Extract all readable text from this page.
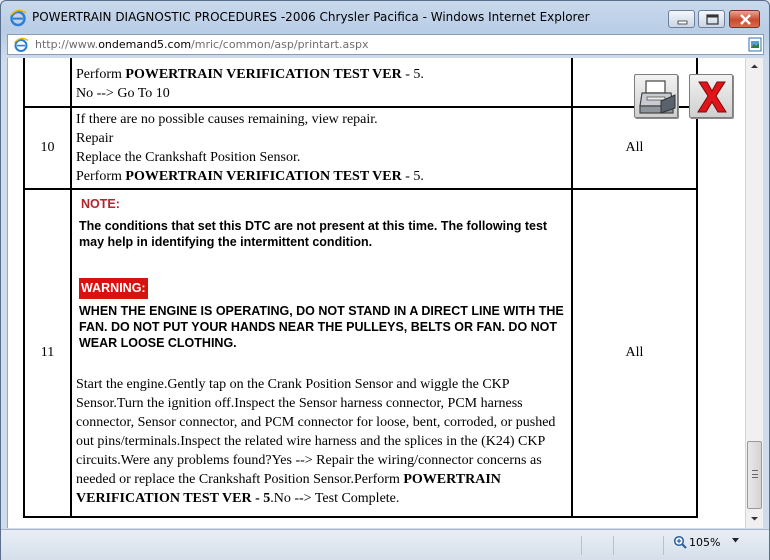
POWERTRAIN DIAGNOSTIC PROCEDURES -2006 Chrysler Pacifica - Windows Internet Explorer
http://www.ondemand5.com/mric/common/asp/printart.aspx

	Perform POWERTRAIN VERIFICATION TEST VER - 5.
No --> Go To 10	

10	If there are no possible causes remaining, view repair.
Repair
Replace the Crankshaft Position Sensor.
Perform POWERTRAIN VERIFICATION TEST VER - 5.	All
11	NOTE:
The conditions that set this DTC are not present at this time. The following test may help in identifying the intermittent condition.
WARNING:
WHEN THE ENGINE IS OPERATING, DO NOT STAND IN A DIRECT LINE WITH THE FAN. DO NOT PUT YOUR HANDS NEAR THE PULLEYS, BELTS OR FAN. DO NOT WEAR LOOSE CLOTHING.
Start the engine.Gently tap on the Crank Position Sensor and wiggle the CKP Sensor.Turn the ignition off.Inspect the Sensor harness connector, PCM harness connector, Sensor connector, and PCM connector for loose, bent, corroded, or pushed out pins/terminals.Inspect the related wire harness and the splices in the (K24) CKP circuits.Were any problems found?Yes --> Repair the wiring/connector concerns as needed or replace the Crankshaft Position Sensor.Perform POWERTRAIN VERIFICATION TEST VER - 5.No --> Test Complete.	All
105%
